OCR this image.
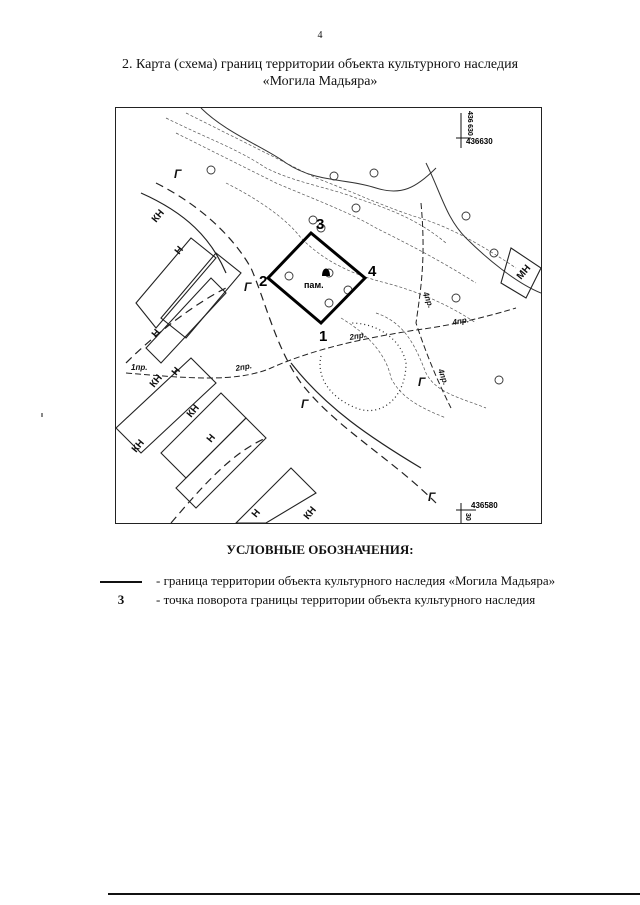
4
2. Карта (схема) границ территории объекта культурного наследия
«Могила Мадьяра»
1
2
3
4
пам.
КН
Н
Н
КН
Н
КН
Н
КН
МН
Н	КН
Г
Г
Г
Г
Г
1пр.	2пр.
2пр.
4пр.
4пр.
4пр.
436 630
436630
30
436580
УСЛОВНЫЕ ОБОЗНАЧЕНИЯ:
- граница территории объекта культурного наследия «Могила Мадьяра»
3	- точка поворота границы территории объекта культурного наследия
